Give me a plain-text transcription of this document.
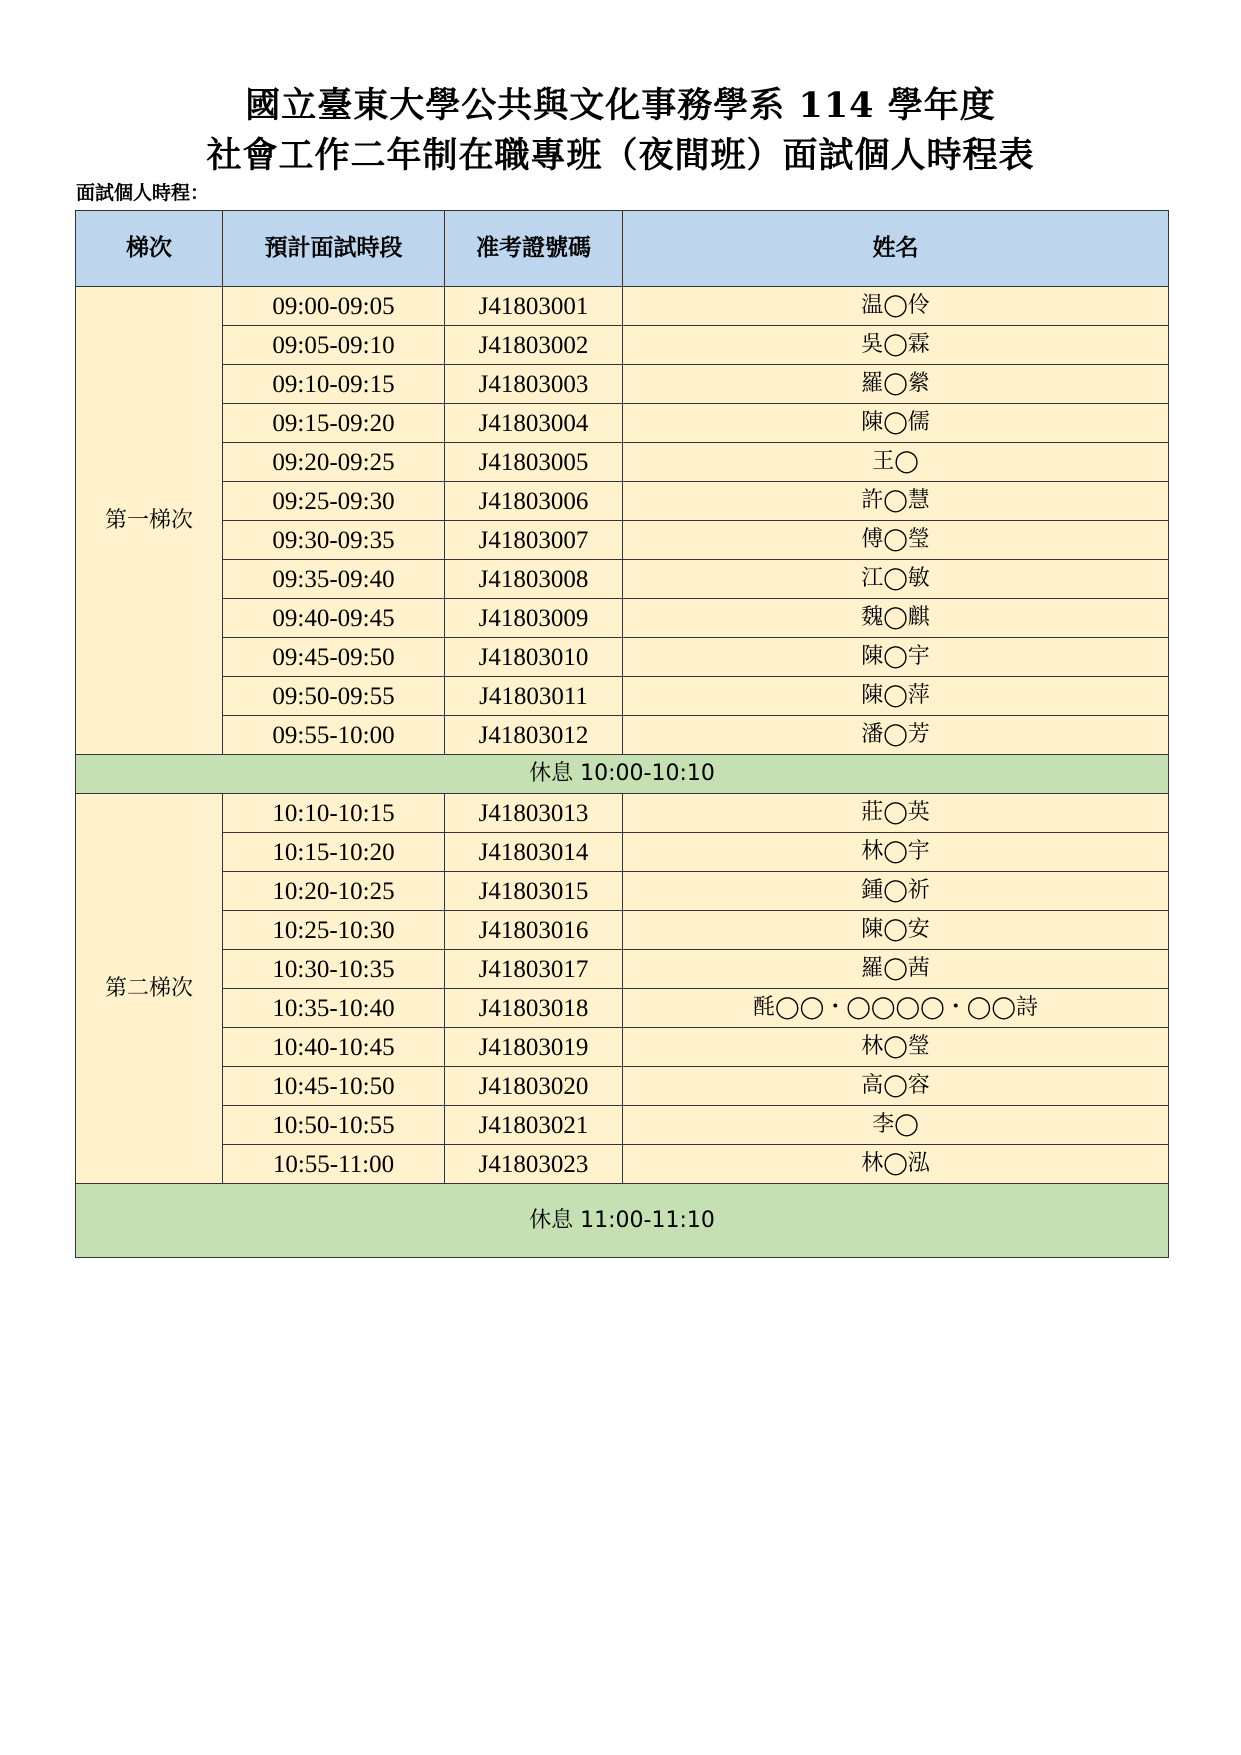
國立臺東大學公共與文化事務學系 114 學年度
社會工作二年制在職專班（夜間班）面試個人時程表
面試個人時程：
梯次	預計面試時段	准考證號碼	姓名
第一梯次	09:00-09:05	J41803001	温◯伶
	09:05-09:10	J41803002	吳◯霖
	09:10-09:15	J41803003	羅◯縈
	09:15-09:20	J41803004	陳◯儒
	09:20-09:25	J41803005	王◯
	09:25-09:30	J41803006	許◯慧
	09:30-09:35	J41803007	傅◯瑩
	09:35-09:40	J41803008	江◯敏
	09:40-09:45	J41803009	魏◯麒
	09:45-09:50	J41803010	陳◯宇
	09:50-09:55	J41803011	陳◯萍
	09:55-10:00	J41803012	潘◯芳
休息 10:00-10:10			
第二梯次	10:10-10:15	J41803013	莊◯英
	10:15-10:20	J41803014	林◯宇
	10:20-10:25	J41803015	鍾◯祈
	10:25-10:30	J41803016	陳◯安
	10:30-10:35	J41803017	羅◯茜
	10:35-10:40	J41803018	酕◯◯・◯◯◯◯・◯◯詩
	10:40-10:45	J41803019	林◯瑩
	10:45-10:50	J41803020	高◯容
	10:50-10:55	J41803021	李◯
	10:55-11:00	J41803023	林◯泓
休息 11:00-11:10			
